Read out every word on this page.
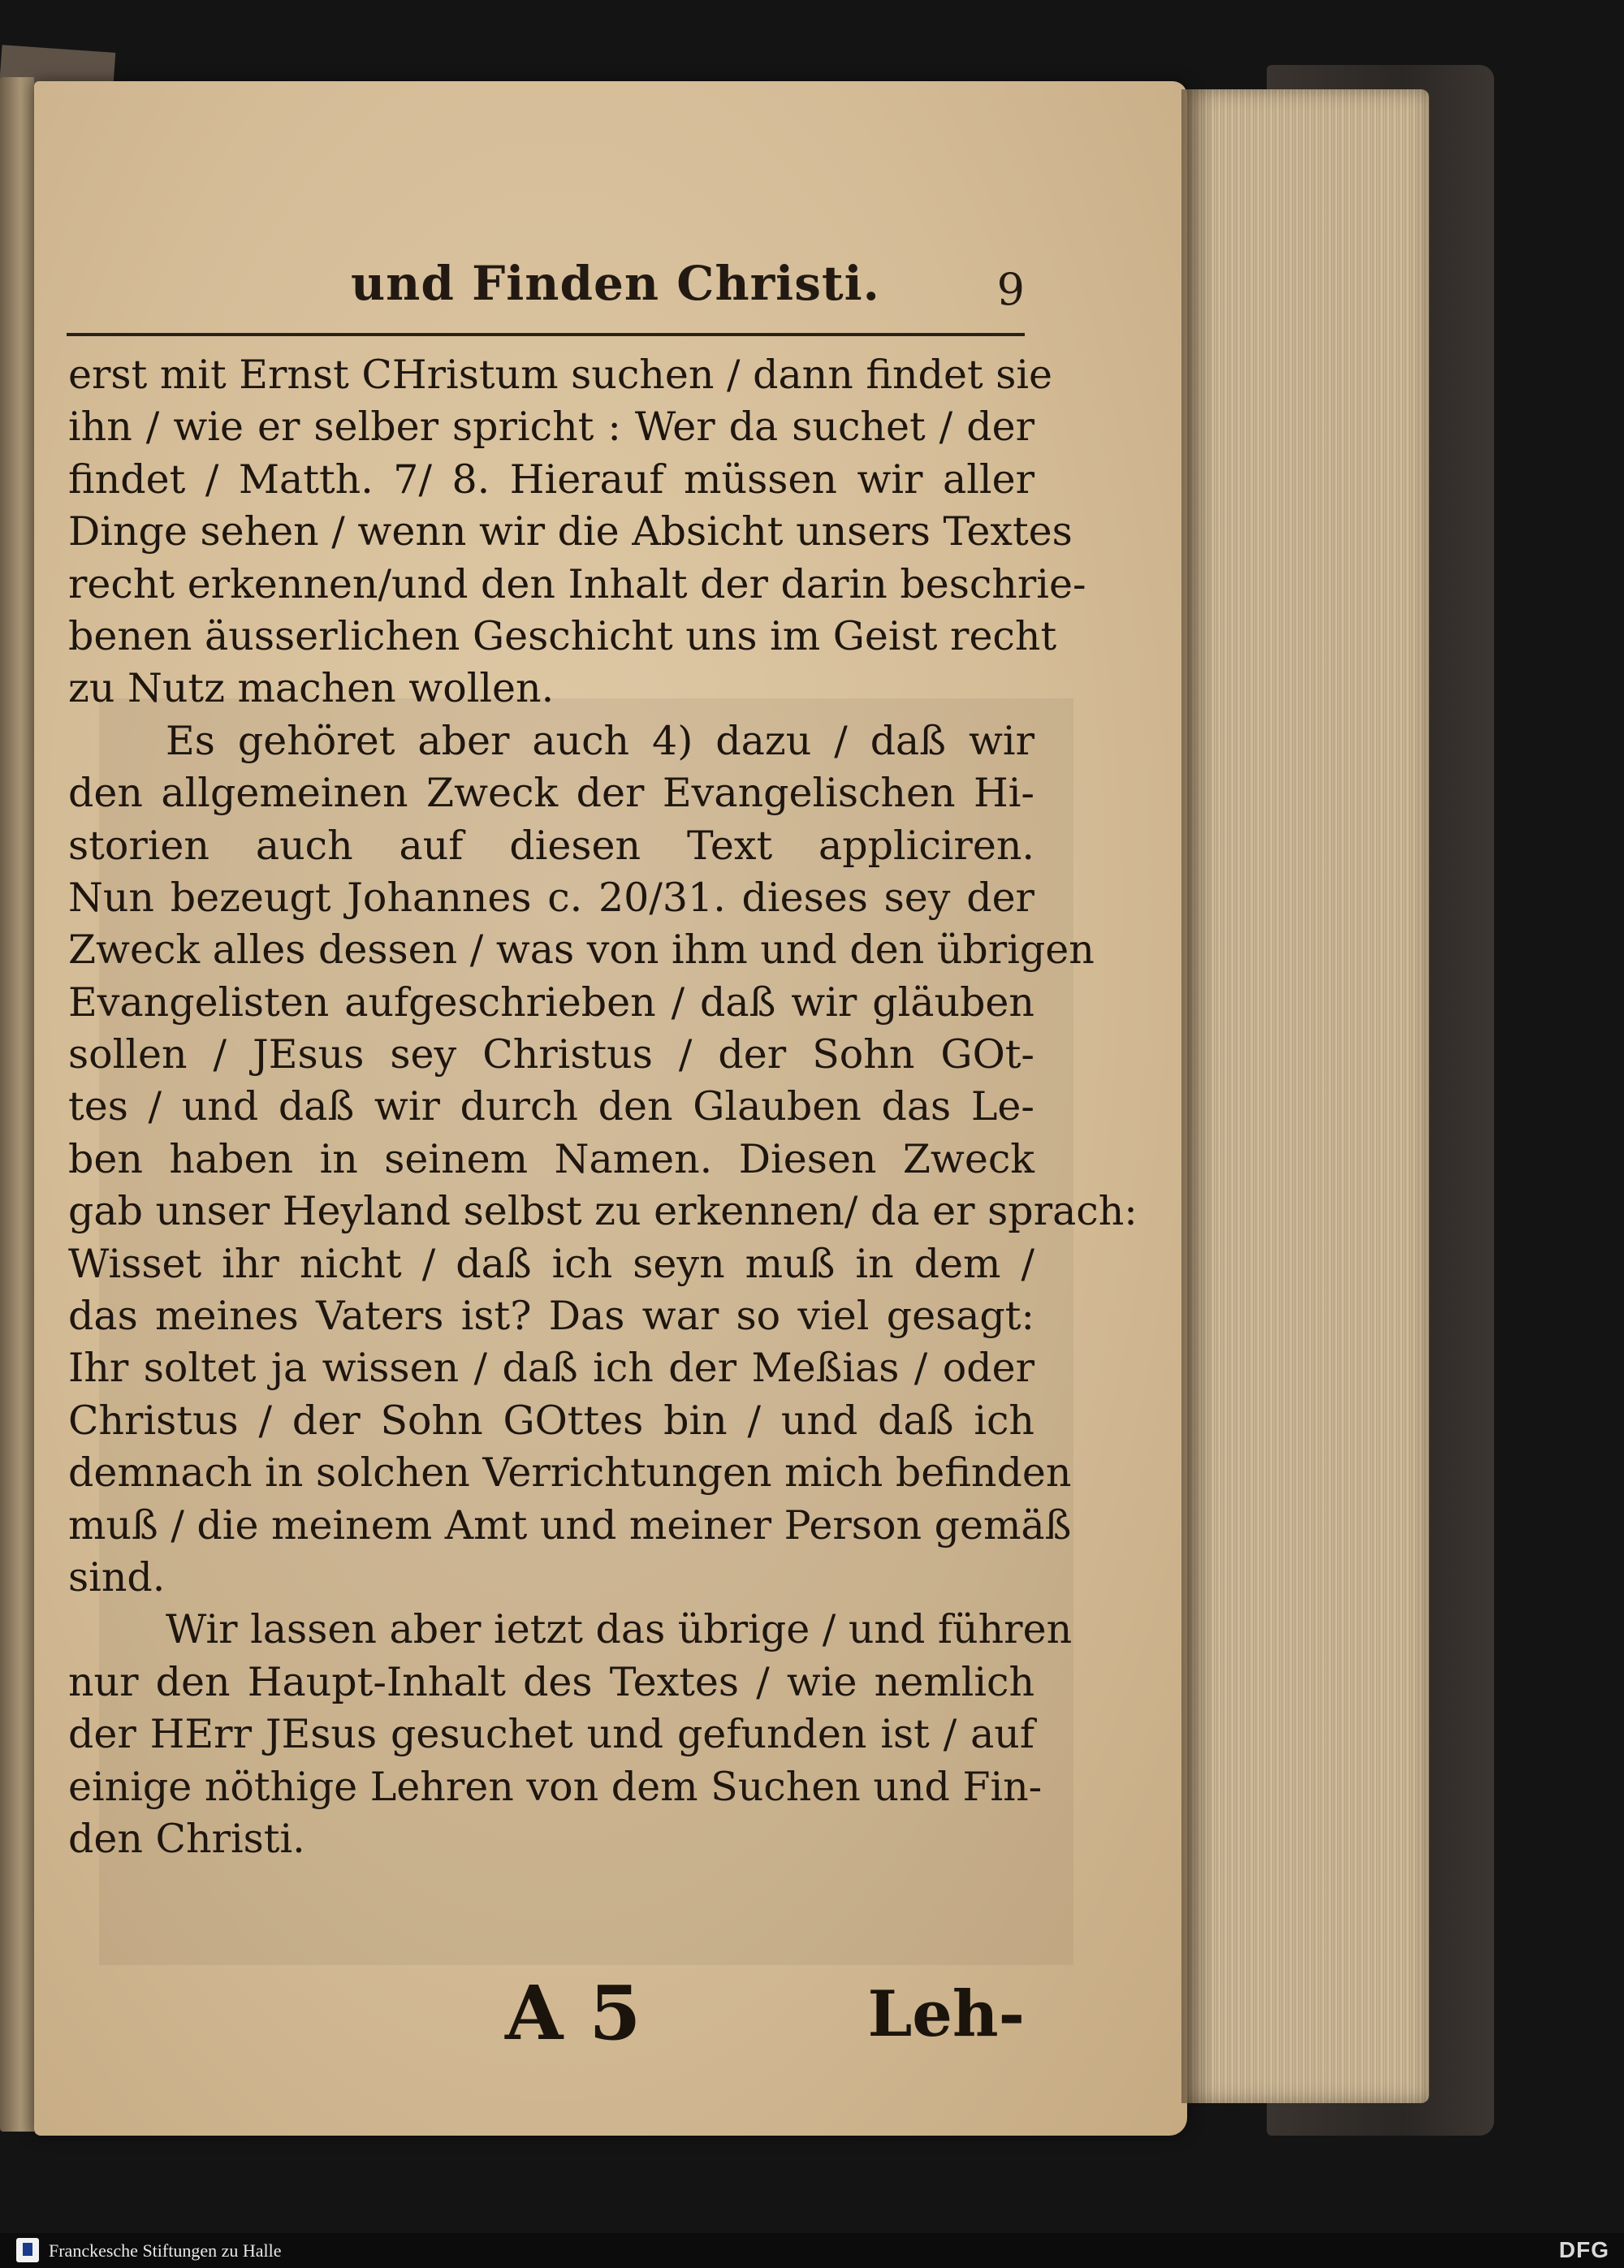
und Finden Christi.	9
erst mit Ernst CHristum suchen / dann findet sie
ihn / wie er selber spricht : Wer da suchet / der
findet / Matth. 7/ 8. Hierauf müssen wir aller
Dinge sehen / wenn wir die Absicht unsers Textes
recht erkennen/und den Inhalt der darin beschrie-
benen äusserlichen Geschicht uns im Geist recht
zu Nutz machen wollen.
Es gehöret aber auch 4) dazu / daß wir
den allgemeinen Zweck der Evangelischen Hi-
storien auch auf diesen Text appliciren.
Nun bezeugt Johannes c. 20/31. dieses sey der
Zweck alles dessen / was von ihm und den übrigen
Evangelisten aufgeschrieben / daß wir gläuben
sollen / JEsus sey Christus / der Sohn GOt-
tes / und daß wir durch den Glauben das Le-
ben haben in seinem Namen. Diesen Zweck
gab unser Heyland selbst zu erkennen/ da er sprach:
Wisset ihr nicht / daß ich seyn muß in dem /
das meines Vaters ist? Das war so viel gesagt:
Ihr soltet ja wissen / daß ich der Meßias / oder
Christus / der Sohn GOttes bin / und daß ich
demnach in solchen Verrichtungen mich befinden
muß / die meinem Amt und meiner Person gemäß
sind.
Wir lassen aber ietzt das übrige / und führen
nur den Haupt-Inhalt des Textes / wie nemlich
der HErr JEsus gesuchet und gefunden ist / auf
einige nöthige Lehren von dem Suchen und Fin-
den Christi.
A 5	Leh-
Franckesche Stiftungen zu Halle	DFG
